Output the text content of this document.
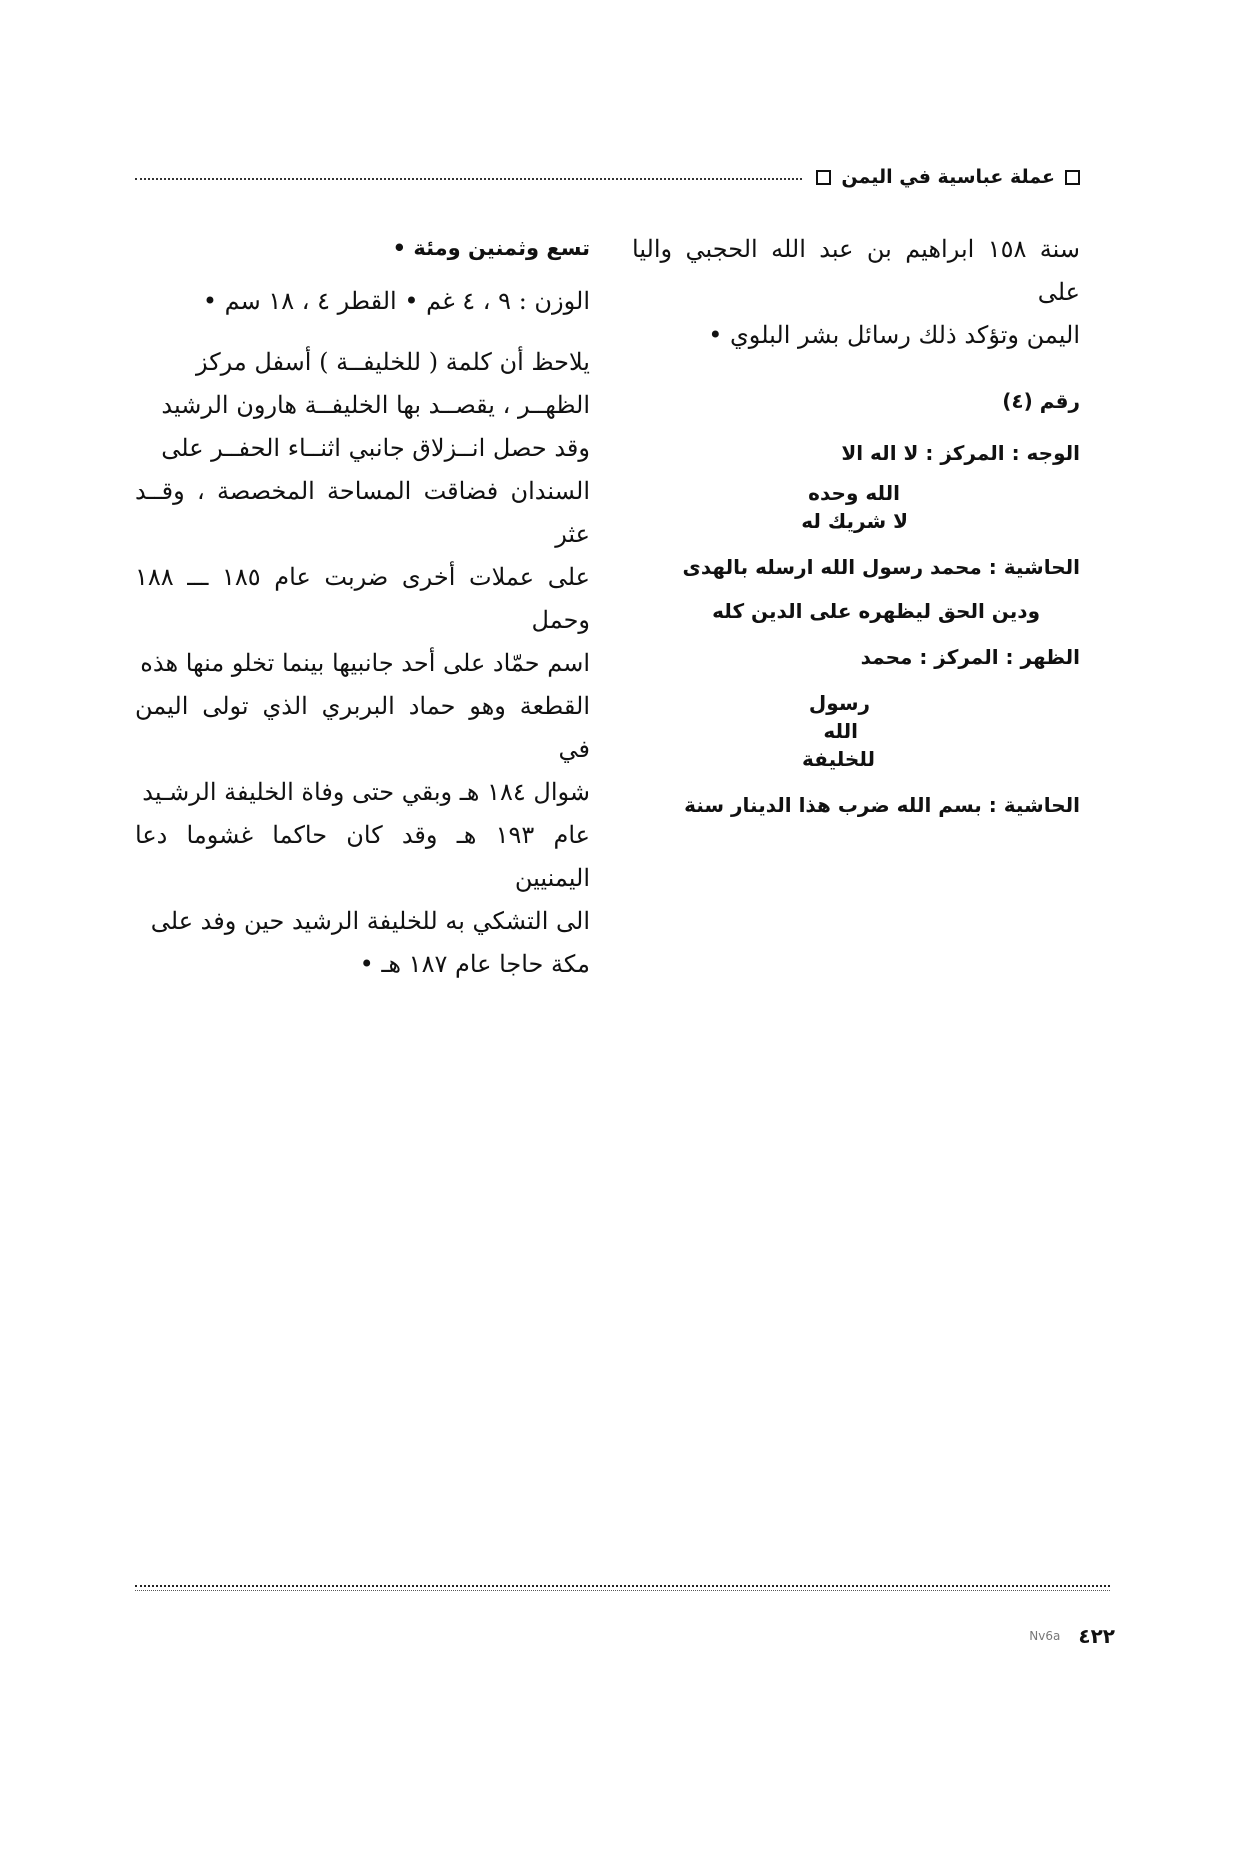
عملة عباسية في اليمن

سنة ١٥٨ ابراهيم بن عبد الله الحجبي واليا على

اليمن وتؤكد ذلك رسائل بشر البلوي •

رقم (٤)

الوجه : المركز : لا اله الا

الله وحده

لا شريك له

الحاشية : محمد رسول الله ارسله بالهدى

ودين الحق ليظهره على الدين كله

الظهر : المركز : محمد

رسول

الله

للخليفة

الحاشية : بسم الله ضرب هذا الدينار سنة

تسع وثمنين ومئة •

الوزن : ٩ ، ٤ غم • القطر ٤ ، ١٨ سم •

يلاحظ أن كلمة ( للخليفــة ) أسفل مركز

الظهــر ، يقصــد بها الخليفــة هارون الرشيد

وقد حصل انــزلاق جانبي اثنــاء الحفــر على

السندان فضاقت المساحة المخصصة ، وقــد عثر

على عملات أخرى ضربت عام ١٨٥ ـــ ١٨٨ وحمل

اسم حمّاد على أحد جانبيها بينما تخلو منها هذه

القطعة وهو حماد البربري الذي تولى اليمن في

شوال ١٨٤ هـ وبقي حتى وفاة الخليفة الرشـيد

عام ١٩٣ هـ وقد كان حاكما غشوما دعا اليمنيين

الى التشكي به للخليفة الرشيد حين وفد على

مكة حاجا عام ١٨٧ هـ •

٤٢٢
Nv6a
